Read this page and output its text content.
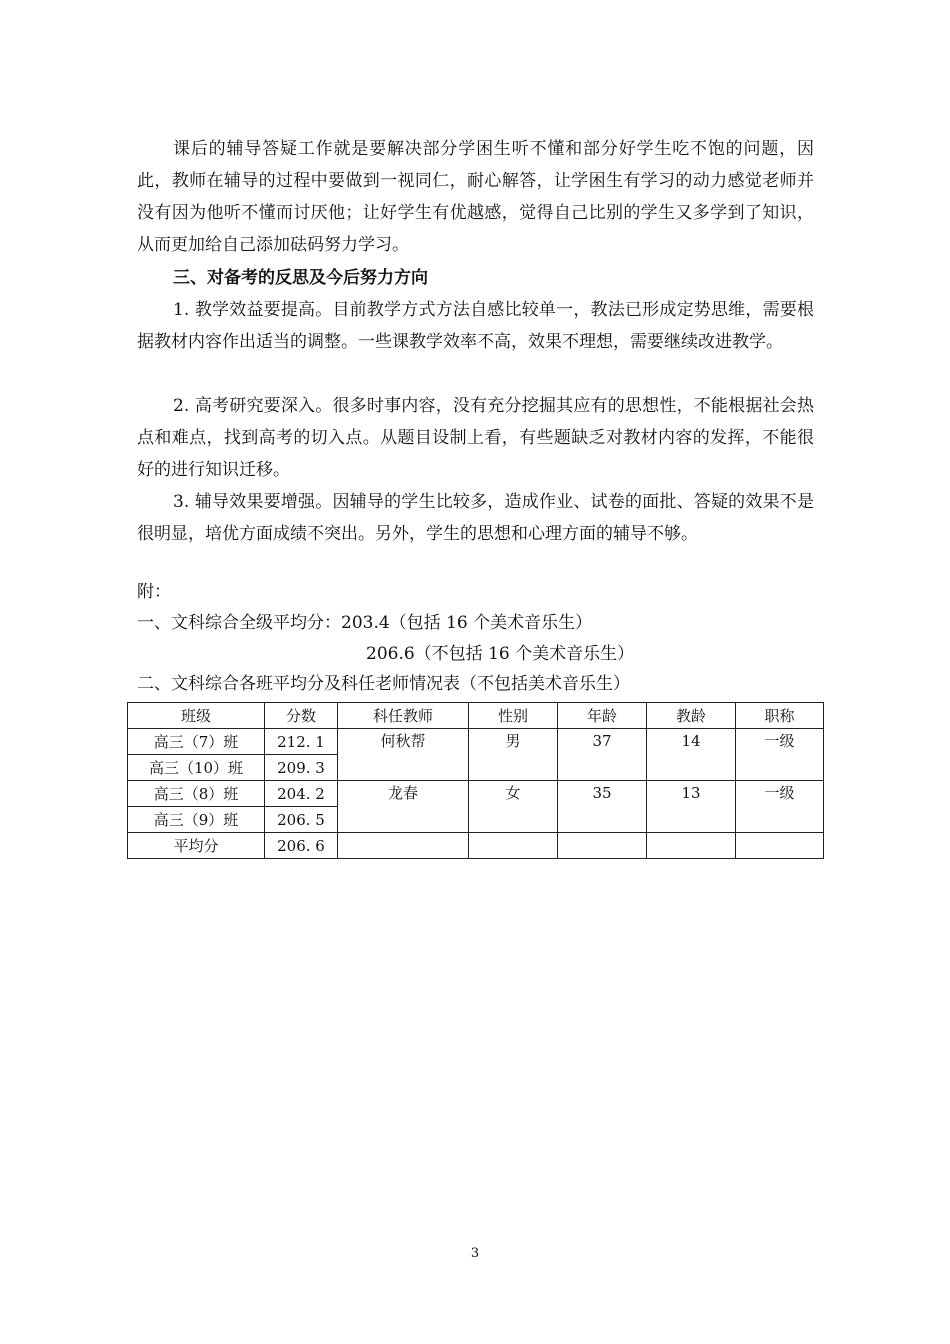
课后的辅导答疑工作就是要解决部分学困生听不懂和部分好学生吃不饱的问题，因此，教师在辅导的过程中要做到一视同仁，耐心解答，让学困生有学习的动力感觉老师并没有因为他听不懂而讨厌他；让好学生有优越感，觉得自己比别的学生又多学到了知识，从而更加给自己添加砝码努力学习。

三、对备考的反思及今后努力方向

1. 教学效益要提高。目前教学方式方法自感比较单一，教法已形成定势思维，需要根据教材内容作出适当的调整。一些课教学效率不高，效果不理想，需要继续改进教学。

2. 高考研究要深入。很多时事内容，没有充分挖掘其应有的思想性，不能根据社会热点和难点，找到高考的切入点。从题目设制上看，有些题缺乏对教材内容的发挥，不能很好的进行知识迁移。

3. 辅导效果要增强。因辅导的学生比较多，造成作业、试卷的面批、答疑的效果不是很明显，培优方面成绩不突出。另外，学生的思想和心理方面的辅导不够。

附：

一、文科综合全级平均分：203.4（包括 16 个美术音乐生）

206.6（不包括 16 个美术音乐生）

二、文科综合各班平均分及科任老师情况表（不包括美术音乐生）

班级	分数	科任教师	性别	年龄	教龄	职称
高三（7）班	212. 1	何秋帮	男	37	14	一级
高三（10）班	209. 3					
高三（8）班	204. 2	龙春	女	35	13	一级
高三（9）班	206. 5					
平均分	206. 6					
3
